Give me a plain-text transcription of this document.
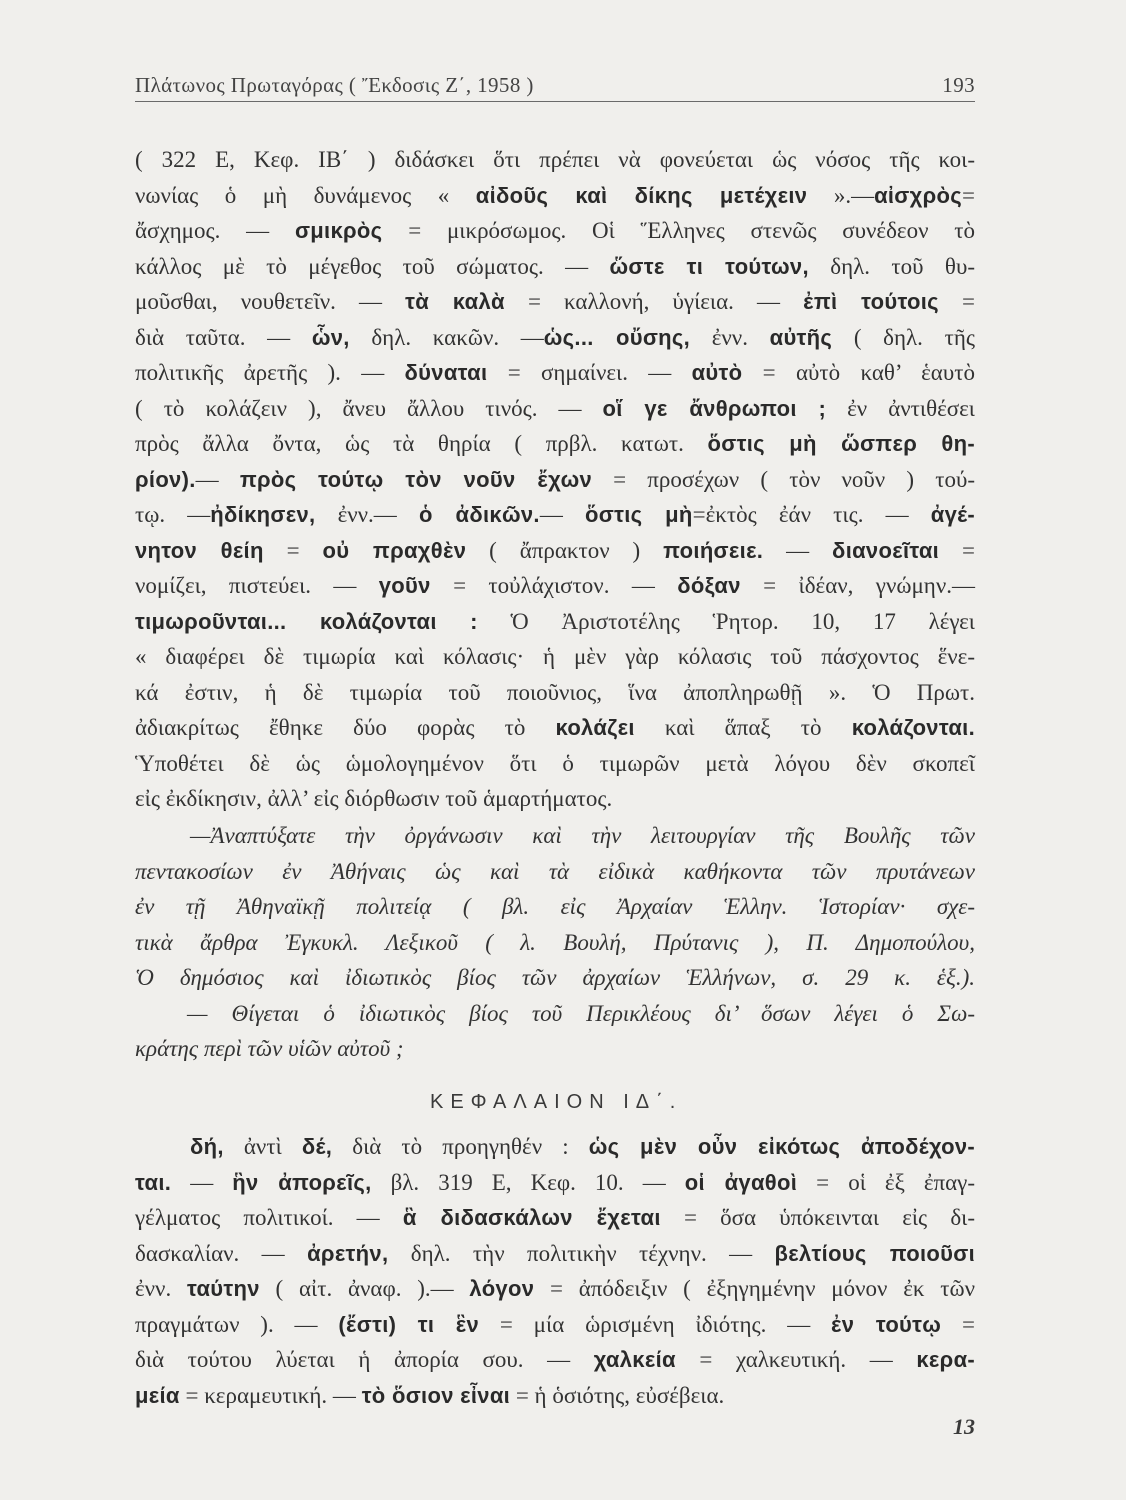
Πλάτωνος Πρωταγόρας ( Ἔκδοσις Ζ΄, 1958 )	193
( 322 Ε, Κεφ. ΙΒ΄ ) διδάσκει ὅτι πρέπει νὰ φονεύεται ὡς νόσος τῆς κοι-
νωνίας ὁ μὴ δυνάμενος « αἰδοῦς καὶ δίκης μετέχειν ».—αἰσχρὸς=
ἄσχημος. — σμικρὸς = μικρόσωμος. Οἱ Ἕλληνες στενῶς συνέδεον τὸ
κάλλος μὲ τὸ μέγεθος τοῦ σώματος. — ὥστε τι τούτων, δηλ. τοῦ θυ-
μοῦσθαι, νουθετεῖν. — τὰ καλὰ = καλλονή, ὑγίεια. — ἐπὶ τούτοις =
διὰ ταῦτα. — ὧν, δηλ. κακῶν. —ὡς... οὔσης, ἐνν. αὐτῆς ( δηλ. τῆς
πολιτικῆς ἀρετῆς ). — δύναται = σημαίνει. — αὐτὸ = αὐτὸ καθ’ ἑαυτὸ
( τὸ κολάζειν ), ἄνευ ἄλλου τινός. — οἵ γε ἄνθρωποι ; ἐν ἀντιθέσει
πρὸς ἄλλα ὄντα, ὡς τὰ θηρία ( πρβλ. κατωτ. ὅστις μὴ ὥσπερ θη-
ρίον).— πρὸς τούτῳ τὸν νοῦν ἔχων = προσέχων ( τὸν νοῦν ) τού-
τῳ. —ἠδίκησεν, ἐνν.— ὁ ἀδικῶν.— ὅστις μὴ=ἐκτὸς ἐάν τις. — ἀγέ-
νητον θείη = οὐ πραχθὲν ( ἄπρακτον ) ποιήσειε. — διανοεῖται =
νομίζει, πιστεύει. — γοῦν = τοὐλάχιστον. — δόξαν = ἰδέαν, γνώμην.—
τιμωροῦνται... κολάζονται : Ὁ Ἀριστοτέλης Ῥητορ. 10, 17 λέγει
« διαφέρει δὲ τιμωρία καὶ κόλασις· ἡ μὲν γὰρ κόλασις τοῦ πάσχοντος ἕνε-
κά ἐστιν, ἡ δὲ τιμωρία τοῦ ποιοῦνιος, ἵνα ἀποπληρωθῇ ». Ὁ Πρωτ.
ἀδιακρίτως ἔθηκε δύο φορὰς τὸ κολάζει καὶ ἅπαξ τὸ κολάζονται.
Ὑποθέτει δὲ ὡς ὡμολογημένον ὅτι ὁ τιμωρῶν μετὰ λόγου δὲν σκοπεῖ
εἰς ἐκδίκησιν, ἀλλ’ εἰς διόρθωσιν τοῦ ἁμαρτήματος.
—Ἀναπτύξατε τὴν ὀργάνωσιν καὶ τὴν λειτουργίαν τῆς Βουλῆς τῶν
πεντακοσίων ἐν Ἀθήναις ὡς καὶ τὰ εἰδικὰ καθήκοντα τῶν πρυτάνεων
ἐν τῇ Ἀθηναϊκῇ πολιτείᾳ ( βλ. εἰς Ἀρχαίαν Ἑλλην. Ἱστορίαν· σχε-
τικὰ ἄρθρα Ἐγκυκλ. Λεξικοῦ ( λ. Βουλή, Πρύτανις ), Π. Δημοπούλου,
Ὁ δημόσιος καὶ ἰδιωτικὸς βίος τῶν ἀρχαίων Ἑλλήνων, σ. 29 κ. ἑξ.).
— Θίγεται ὁ ἰδιωτικὸς βίος τοῦ Περικλέους δι’ ὅσων λέγει ὁ Σω-
κράτης περὶ τῶν υἱῶν αὐτοῦ ;
ΚΕΦΑΛΑΙΟΝ ΙΔ΄.
δή, ἀντὶ δέ, διὰ τὸ προηγηθέν : ὡς μὲν οὖν εἰκότως ἀποδέχον-
ται. — ἣν ἀπορεῖς, βλ. 319 Ε, Κεφ. 10. — οἱ ἀγαθοὶ = οἱ ἐξ ἐπαγ-
γέλματος πολιτικοί. — ἃ διδασκάλων ἔχεται = ὅσα ὑπόκεινται εἰς δι-
δασκαλίαν. — ἀρετήν, δηλ. τὴν πολιτικὴν τέχνην. — βελτίους ποιοῦσι
ἐνν. ταύτην ( αἰτ. ἀναφ. ).— λόγον = ἀπόδειξιν ( ἐξηγημένην μόνον ἐκ τῶν
πραγμάτων ). — (ἔστι) τι ἓν = μία ὡρισμένη ἰδιότης. — ἐν τούτῳ =
διὰ τούτου λύεται ἡ ἀπορία σου. — χαλκεία = χαλκευτική. — κερα-
μεία = κεραμευτική. — τὸ ὅσιον εἶναι = ἡ ὁσιότης, εὐσέβεια.
13
